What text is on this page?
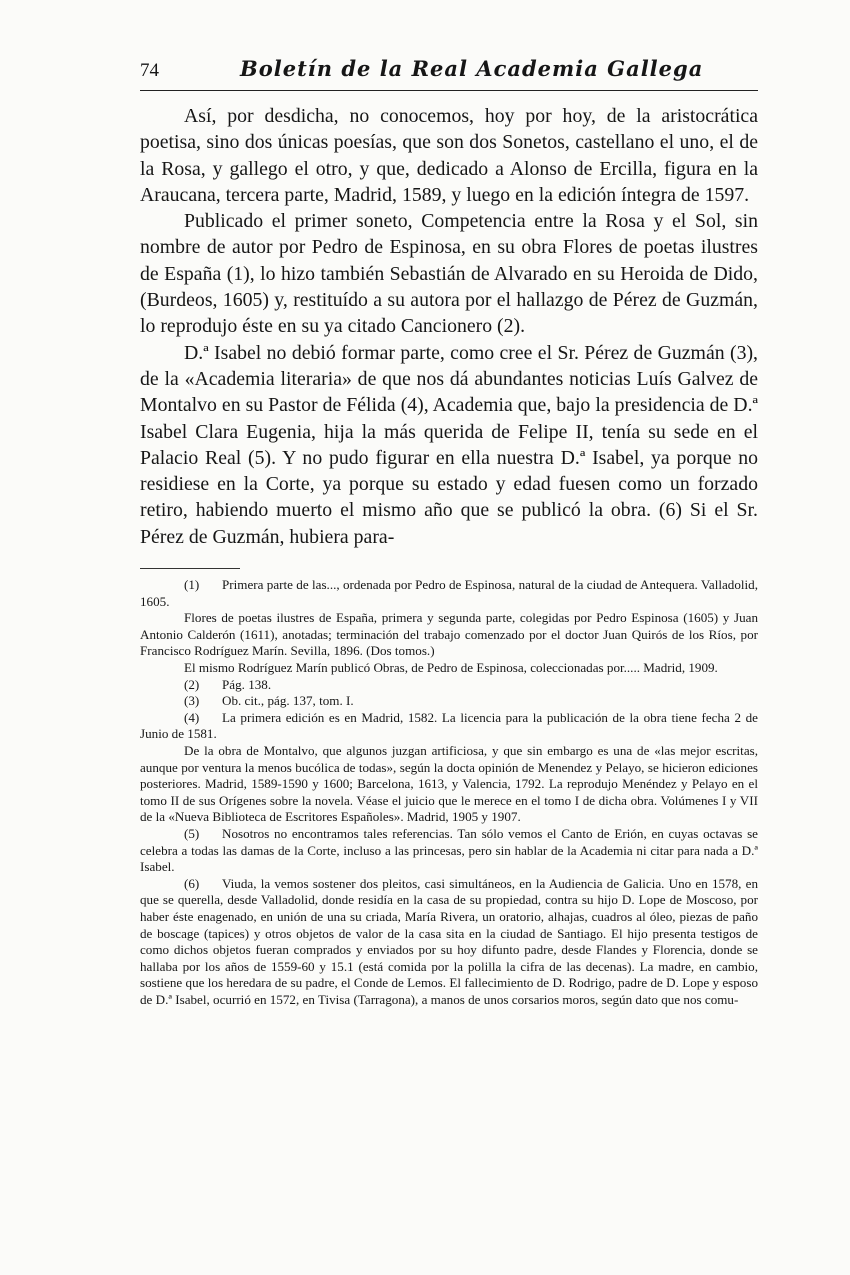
74	Boletín de la Real Academia Gallega

Así, por desdicha, no conocemos, hoy por hoy, de la aristocrática poetisa, sino dos únicas poesías, que son dos Sonetos, castellano el uno, el de la Rosa, y gallego el otro, y que, dedicado a Alonso de Ercilla, figura en la Araucana, tercera parte, Madrid, 1589, y luego en la edición íntegra de 1597.

Publicado el primer soneto, Competencia entre la Rosa y el Sol, sin nombre de autor por Pedro de Espinosa, en su obra Flores de poetas ilustres de España (1), lo hizo también Sebastián de Alvarado en su Heroida de Dido, (Burdeos, 1605) y, restituído a su autora por el hallazgo de Pérez de Guzmán, lo reprodujo éste en su ya citado Cancionero (2).

D.ª Isabel no debió formar parte, como cree el Sr. Pérez de Guzmán (3), de la «Academia literaria» de que nos dá abundantes noticias Luís Galvez de Montalvo en su Pastor de Félida (4), Academia que, bajo la presidencia de D.ª Isabel Clara Eugenia, hija la más querida de Felipe II, tenía su sede en el Palacio Real (5). Y no pudo figurar en ella nuestra D.ª Isabel, ya porque no residiese en la Corte, ya porque su estado y edad fuesen como un forzado retiro, habiendo muerto el mismo año que se publicó la obra. (6) Si el Sr. Pérez de Guzmán, hubiera para-

(1) Primera parte de las..., ordenada por Pedro de Espinosa, natural de la ciudad de Antequera. Valladolid, 1605.

Flores de poetas ilustres de España, primera y segunda parte, colegidas por Pedro Espinosa (1605) y Juan Antonio Calderón (1611), anotadas; terminación del trabajo comenzado por el doctor Juan Quirós de los Ríos, por Francisco Rodríguez Marín. Sevilla, 1896. (Dos tomos.)

El mismo Rodríguez Marín publicó Obras, de Pedro de Espinosa, coleccionadas por..... Madrid, 1909.

(2) Pág. 138.

(3) Ob. cit., pág. 137, tom. I.

(4) La primera edición es en Madrid, 1582. La licencia para la publicación de la obra tiene fecha 2 de Junio de 1581.

De la obra de Montalvo, que algunos juzgan artificiosa, y que sin embargo es una de «las mejor escritas, aunque por ventura la menos bucólica de todas», según la docta opinión de Menendez y Pelayo, se hicieron ediciones posteriores. Madrid, 1589-1590 y 1600; Barcelona, 1613, y Valencia, 1792. La reprodujo Menéndez y Pelayo en el tomo II de sus Orígenes sobre la novela. Véase el juicio que le merece en el tomo I de dicha obra. Volúmenes I y VII de la «Nueva Biblioteca de Escritores Españoles». Madrid, 1905 y 1907.

(5) Nosotros no encontramos tales referencias. Tan sólo vemos el Canto de Erión, en cuyas octavas se celebra a todas las damas de la Corte, incluso a las princesas, pero sin hablar de la Academia ni citar para nada a D.ª Isabel.

(6) Viuda, la vemos sostener dos pleitos, casi simultáneos, en la Audiencia de Galicia. Uno en 1578, en que se querella, desde Valladolid, donde residía en la casa de su propiedad, contra su hijo D. Lope de Moscoso, por haber éste enagenado, en unión de una su criada, María Rivera, un oratorio, alhajas, cuadros al óleo, piezas de paño de boscage (tapices) y otros objetos de valor de la casa sita en la ciudad de Santiago. El hijo presenta testigos de como dichos objetos fueran comprados y enviados por su hoy difunto padre, desde Flandes y Florencia, donde se hallaba por los años de 1559-60 y 15.1 (está comida por la polilla la cifra de las decenas). La madre, en cambio, sostiene que los heredara de su padre, el Conde de Lemos. El fallecimiento de D. Rodrigo, padre de D. Lope y esposo de D.ª Isabel, ocurrió en 1572, en Tivisa (Tarragona), a manos de unos corsarios moros, según dato que nos comu-
